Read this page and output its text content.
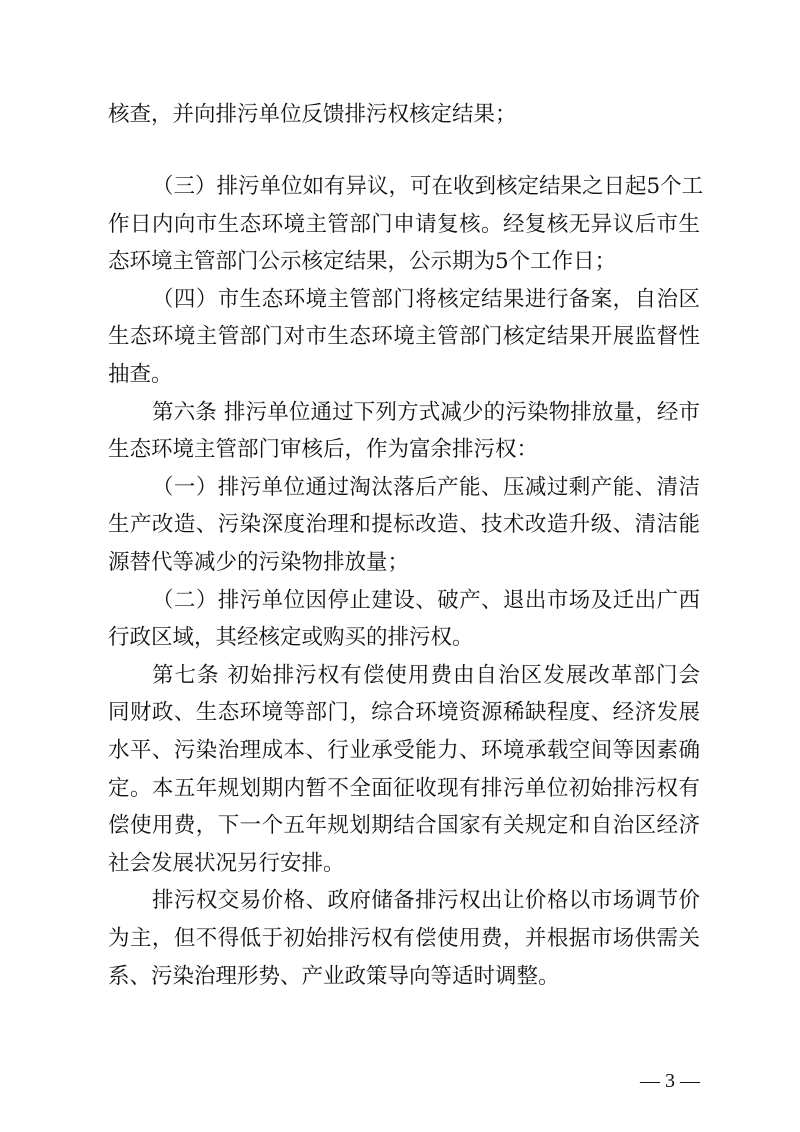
核查，并向排污单位反馈排污权核定结果；
（三）排污单位如有异议，可在收到核定结果之日起5个工
作日内向市生态环境主管部门申请复核。经复核无异议后市生
态环境主管部门公示核定结果，公示期为5个工作日；
（四）市生态环境主管部门将核定结果进行备案，自治区
生态环境主管部门对市生态环境主管部门核定结果开展监督性
抽查。
第六条 排污单位通过下列方式减少的污染物排放量，经市
生态环境主管部门审核后，作为富余排污权：
（一）排污单位通过淘汰落后产能、压减过剩产能、清洁
生产改造、污染深度治理和提标改造、技术改造升级、清洁能
源替代等减少的污染物排放量；
（二）排污单位因停止建设、破产、退出市场及迁出广西
行政区域，其经核定或购买的排污权。
第七条 初始排污权有偿使用费由自治区发展改革部门会
同财政、生态环境等部门，综合环境资源稀缺程度、经济发展
水平、污染治理成本、行业承受能力、环境承载空间等因素确
定。本五年规划期内暂不全面征收现有排污单位初始排污权有
偿使用费，下一个五年规划期结合国家有关规定和自治区经济
社会发展状况另行安排。
排污权交易价格、政府储备排污权出让价格以市场调节价
为主，但不得低于初始排污权有偿使用费，并根据市场供需关
系、污染治理形势、产业政策导向等适时调整。
— 3 —
